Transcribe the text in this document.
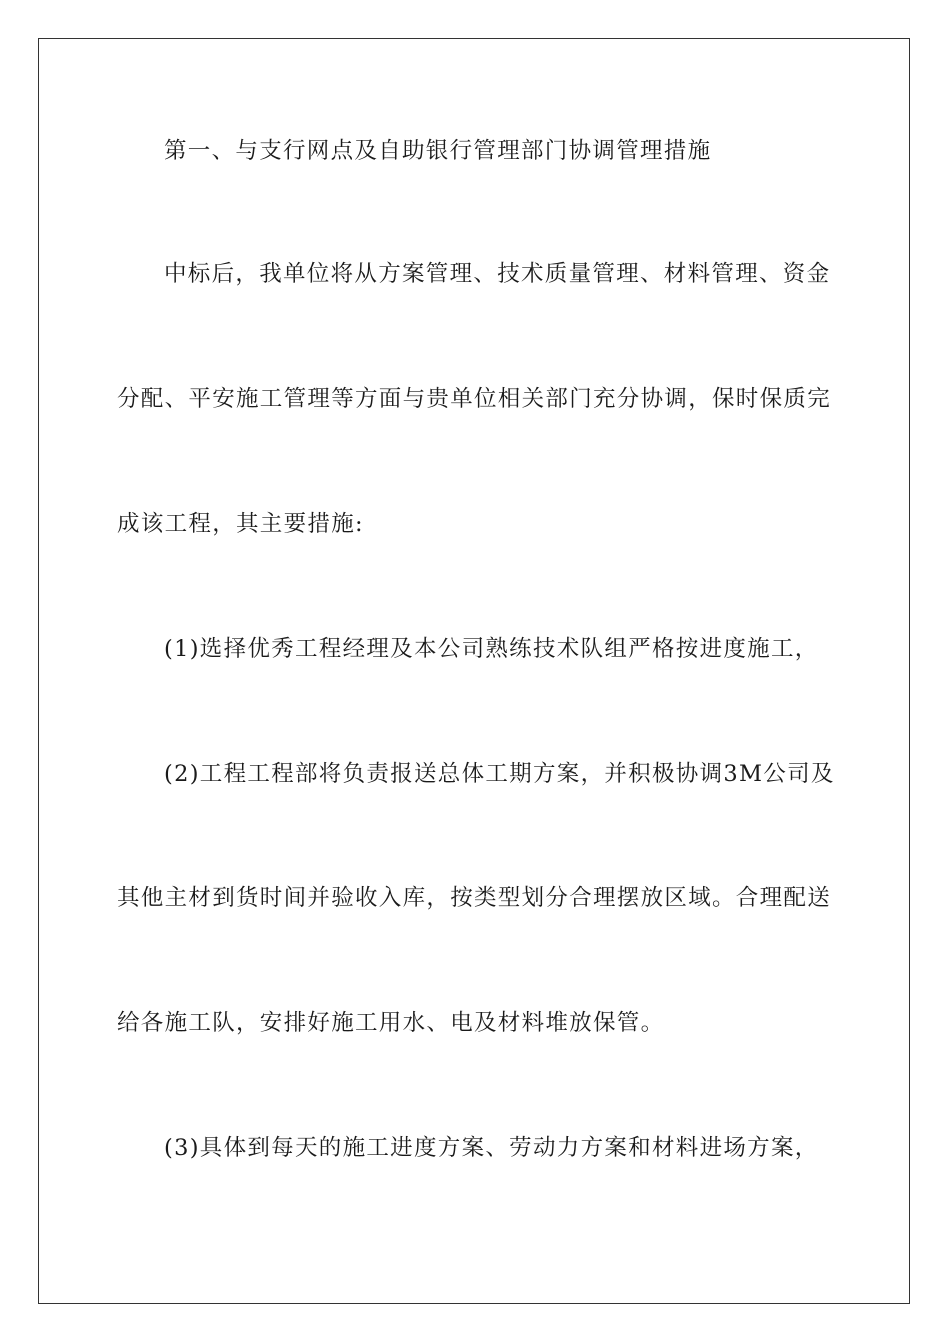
第一、与支行网点及自助银行管理部门协调管理措施
中标后，我单位将从方案管理、技术质量管理、材料管理、资金
分配、平安施工管理等方面与贵单位相关部门充分协调，保时保质完
成该工程，其主要措施:
(1)选择优秀工程经理及本公司熟练技术队组严格按进度施工，
(2)工程工程部将负责报送总体工期方案，并积极协调3M公司及
其他主材到货时间并验收入库，按类型划分合理摆放区域。合理配送
给各施工队，安排好施工用水、电及材料堆放保管。
(3)具体到每天的施工进度方案、劳动力方案和材料进场方案，
